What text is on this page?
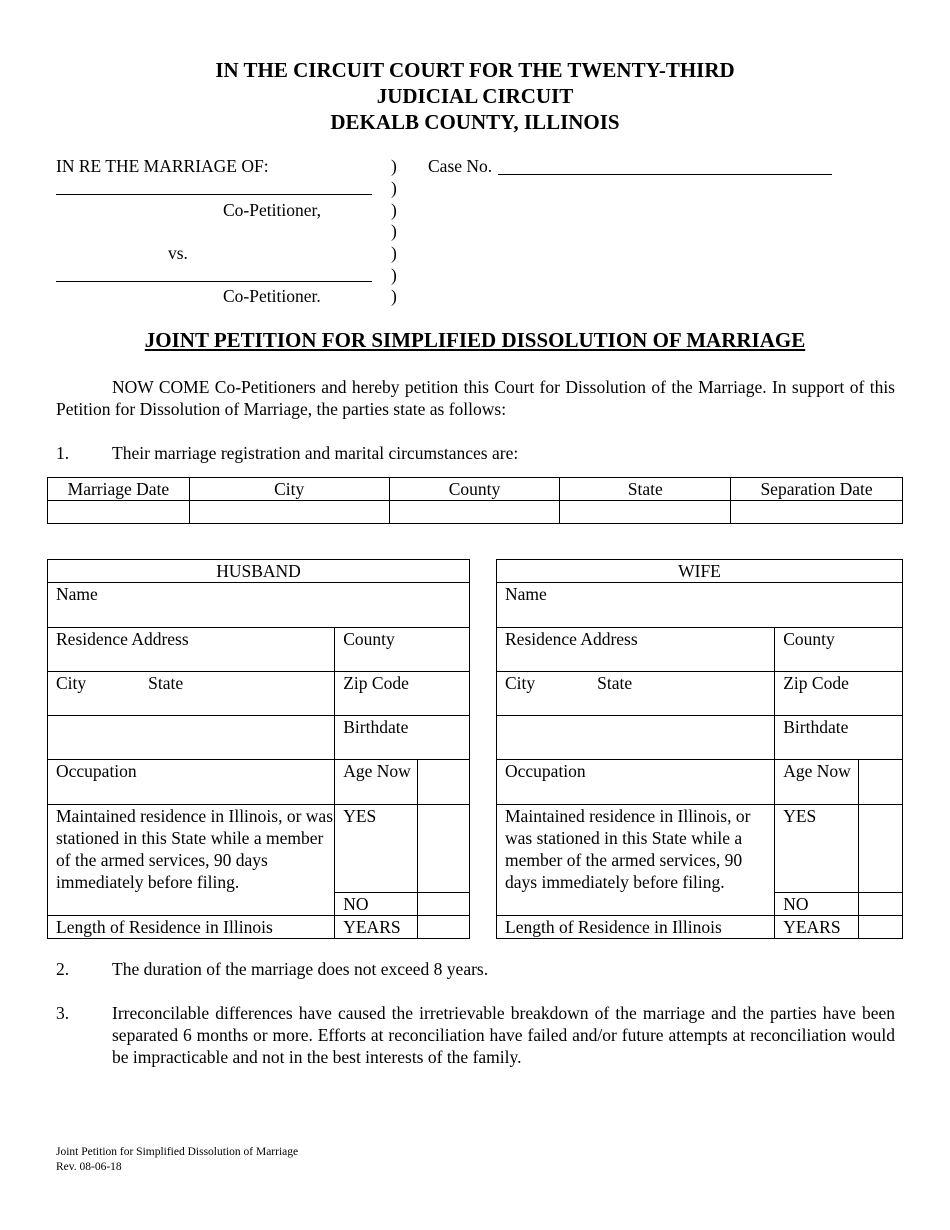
IN THE CIRCUIT COURT FOR THE TWENTY-THIRD
JUDICIAL CIRCUIT
DEKALB COUNTY, ILLINOIS
IN RE THE MARRIAGE OF:
Co-Petitioner,
vs.
Co-Petitioner.
)
)
)
)
)
)
)
Case No.
JOINT PETITION FOR SIMPLIFIED DISSOLUTION OF MARRIAGE
NOW COME Co-Petitioners and hereby petition this Court for Dissolution of the Marriage. In support of this Petition for Dissolution of Marriage, the parties state as follows:
1. Their marriage registration and marital circumstances are:
Marriage Date	City	County	State	Separation Date

HUSBAND		
Name		
Residence Address	County	
City State	Zip Code	
	Birthdate	
Occupation	Age Now	
Maintained residence in Illinois, or was stationed in this State while a member of the armed services, 90 days immediately before filing.	YES	
	NO	
Length of Residence in Illinois	YEARS	
WIFE		
Name		
Residence Address	County	
City State	Zip Code	
	Birthdate	
Occupation	Age Now	
Maintained residence in Illinois, or was stationed in this State while a member of the armed services, 90 days immediately before filing.	YES	
	NO	
Length of Residence in Illinois	YEARS	
2. The duration of the marriage does not exceed 8 years.
3. Irreconcilable differences have caused the irretrievable breakdown of the marriage and the parties have been separated 6 months or more. Efforts at reconciliation have failed and/or future attempts at reconciliation would be impracticable and not in the best interests of the family.
Joint Petition for Simplified Dissolution of Marriage
Rev. 08-06-18
